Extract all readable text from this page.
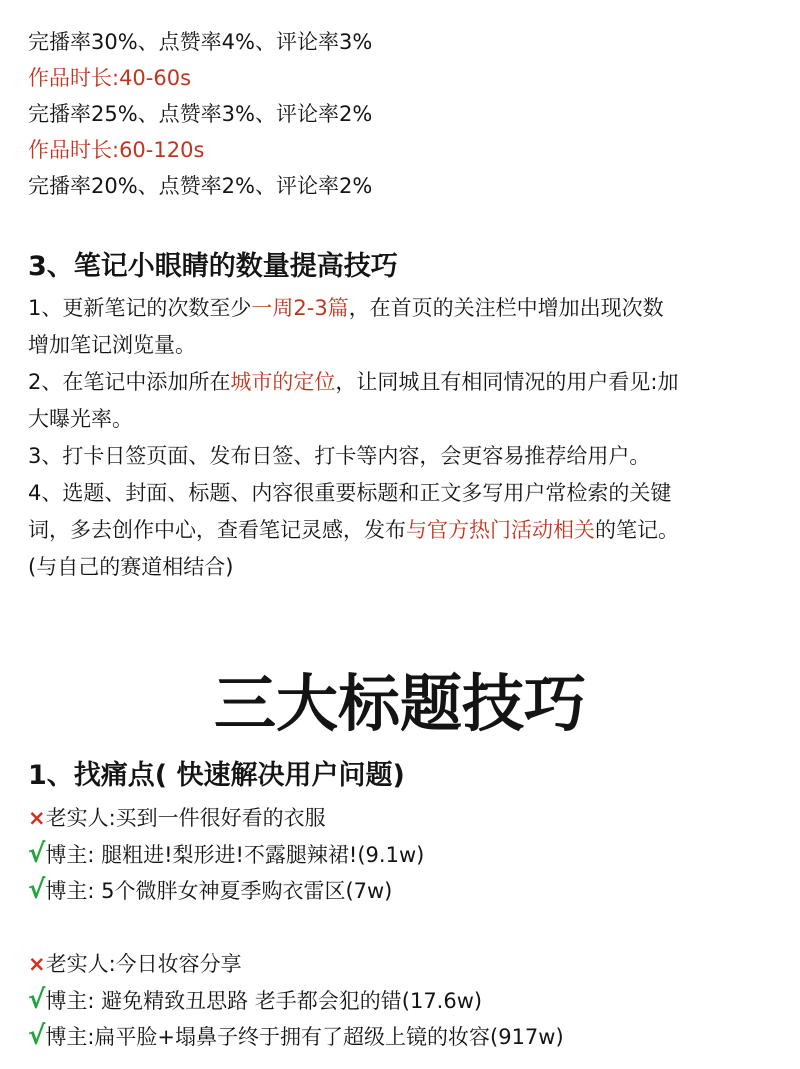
完播率30%、点赞率4%、评论率3%
作品时长:40-60s
完播率25%、点赞率3%、评论率2%
作品时长:60-120s
完播率20%、点赞率2%、评论率2%
3、笔记小眼睛的数量提高技巧
1、更新笔记的次数至少一周2-3篇，在首页的关注栏中增加出现次数
增加笔记浏览量。
2、在笔记中添加所在城市的定位，让同城且有相同情况的用户看见:加
大曝光率。
3、打卡日签页面、发布日签、打卡等内容，会更容易推荐给用户。
4、选题、封面、标题、内容很重要标题和正文多写用户常检索的关键
词，多去创作中心，查看笔记灵感，发布与官方热门活动相关的笔记。
(与自己的赛道相结合)
三大标题技巧
1、找痛点( 快速解决用户问题)
×老实人:买到一件很好看的衣服
√博主: 腿粗进!梨形进!不露腿辣裙!(9.1w)
√博主: 5个微胖女神夏季购衣雷区(7w)
×老实人:今日妆容分享
√博主: 避免精致丑思路 老手都会犯的错(17.6w)
√博主:扁平脸+塌鼻子终于拥有了超级上镜的妆容(917w)
